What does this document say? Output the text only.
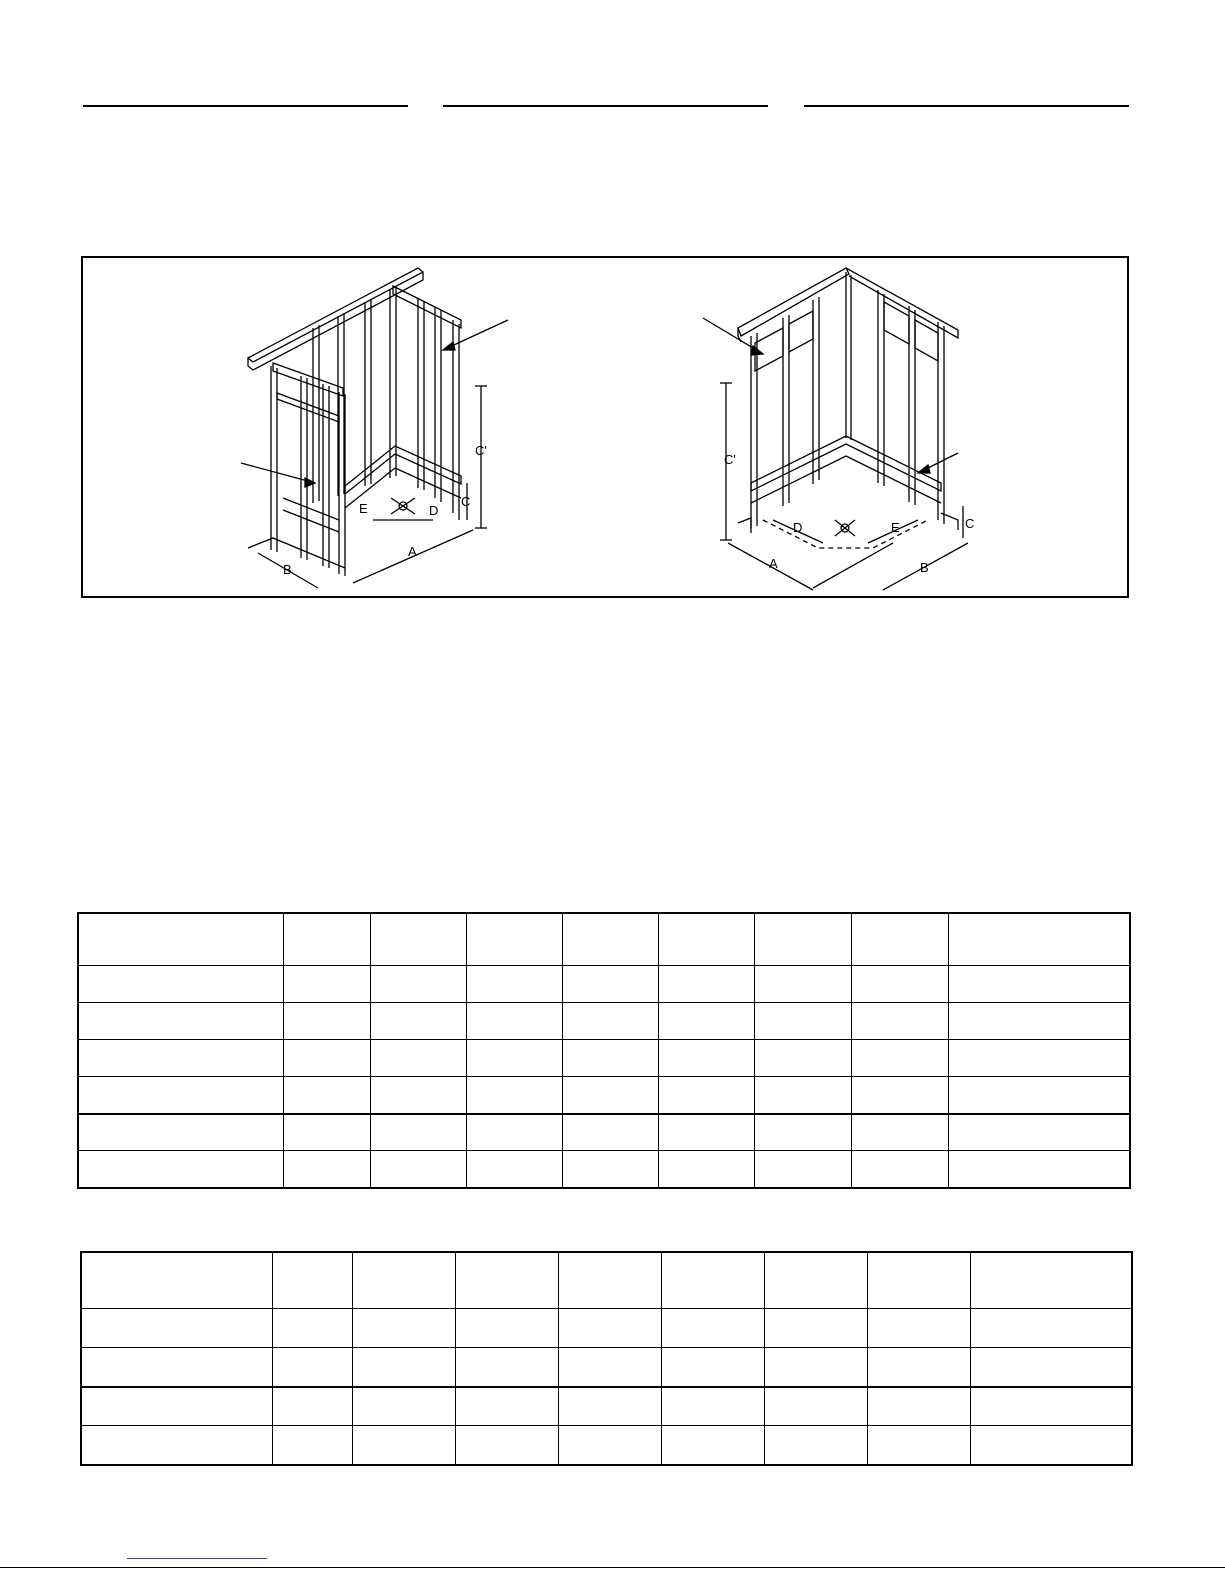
C'
C
E	D
A
B
C'
C
D	E
A	B
